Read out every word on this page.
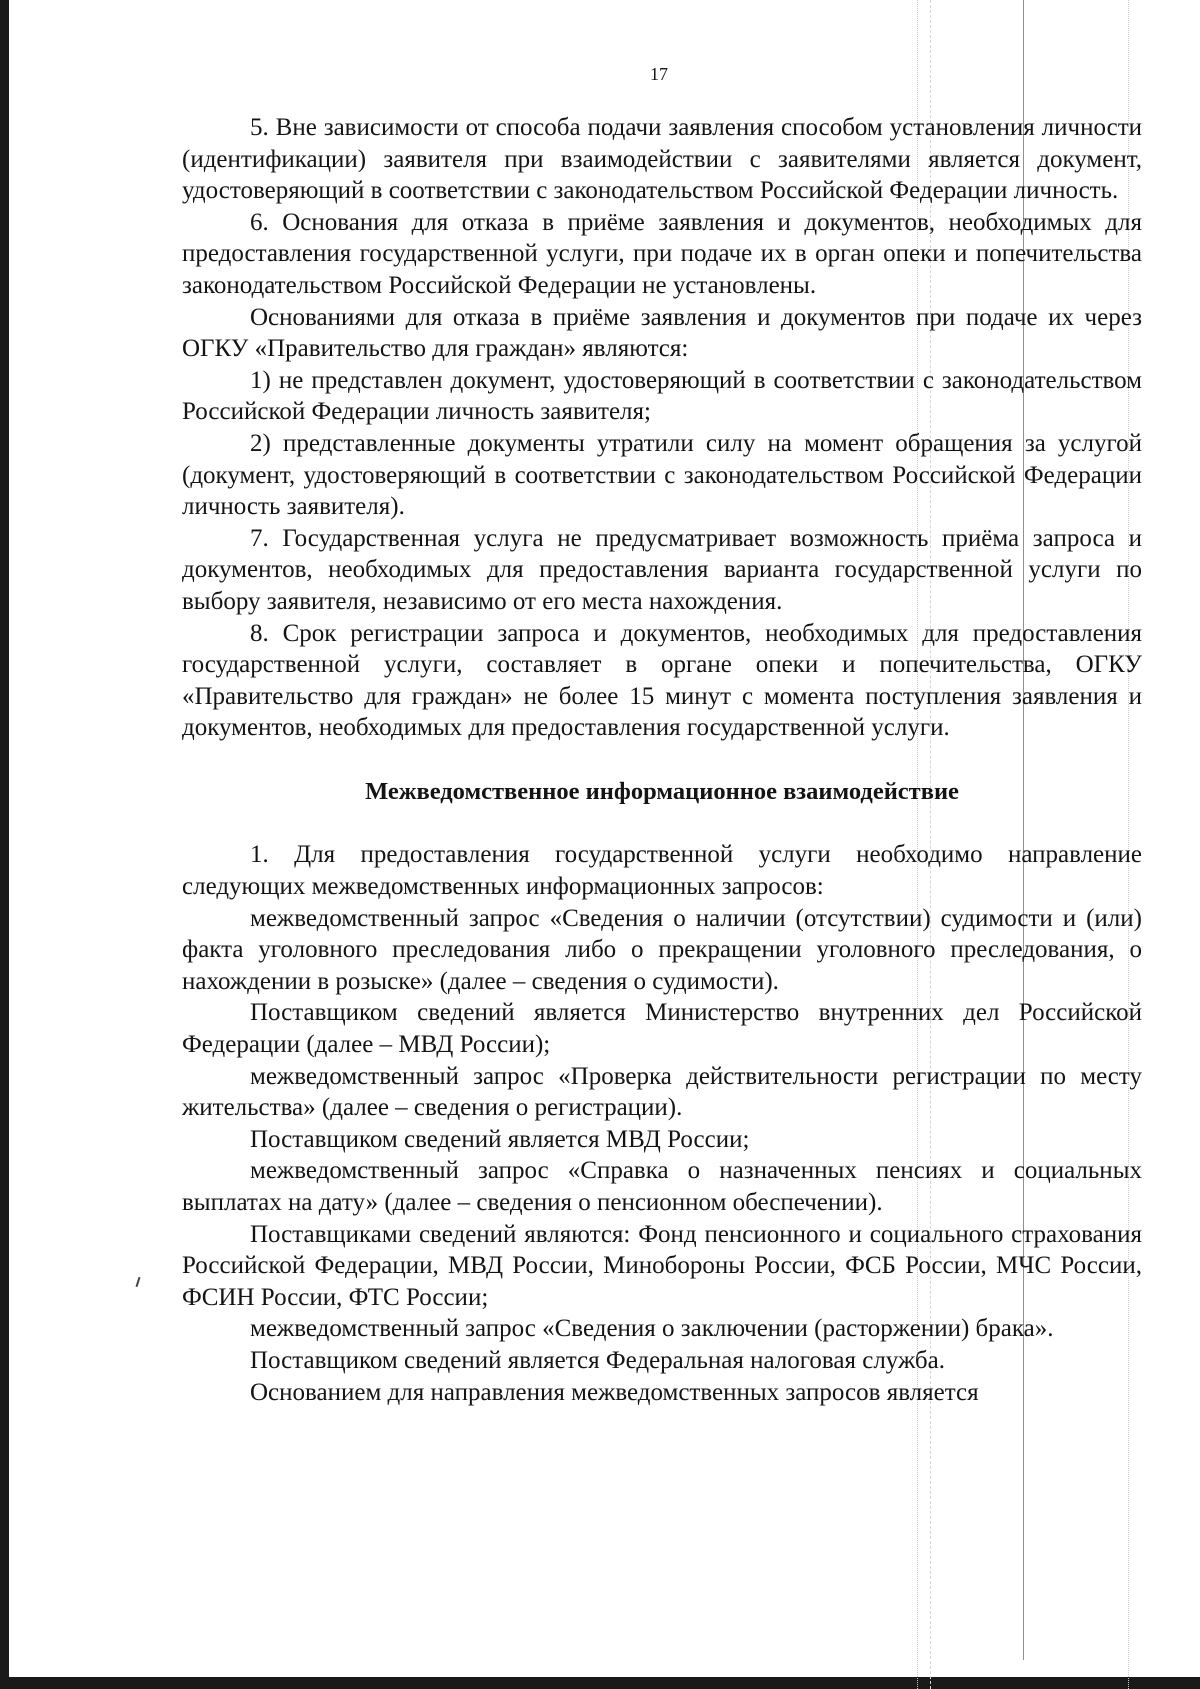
17

5. Вне зависимости от способа подачи заявления способом установления личности (идентификации) заявителя при взаимодействии с заявителями является документ, удостоверяющий в соответствии с законодательством Российской Федерации личность.

6. Основания для отказа в приёме заявления и документов, необходимых для предоставления государственной услуги, при подаче их в орган опеки и попечительства законодательством Российской Федерации не установлены.

Основаниями для отказа в приёме заявления и документов при подаче их через ОГКУ «Правительство для граждан» являются:

1) не представлен документ, удостоверяющий в соответствии с законодательством Российской Федерации личность заявителя;

2) представленные документы утратили силу на момент обращения за услугой (документ, удостоверяющий в соответствии с законодательством Российской Федерации личность заявителя).

7. Государственная услуга не предусматривает возможность приёма запроса и документов, необходимых для предоставления варианта государственной услуги по выбору заявителя, независимо от его места нахождения.

8. Срок регистрации запроса и документов, необходимых для предоставления государственной услуги, составляет в органе опеки и попечительства, ОГКУ «Правительство для граждан» не более 15 минут с момента поступления заявления и документов, необходимых для предоставления государственной услуги.

Межведомственное информационное взаимодействие

1. Для предоставления государственной услуги необходимо направление следующих межведомственных информационных запросов:

межведомственный запрос «Сведения о наличии (отсутствии) судимости и (или) факта уголовного преследования либо о прекращении уголовного преследования, о нахождении в розыске» (далее – сведения о судимости).

Поставщиком сведений является Министерство внутренних дел Российской Федерации (далее – МВД России);

межведомственный запрос «Проверка действительности регистрации по месту жительства» (далее – сведения о регистрации).

Поставщиком сведений является МВД России;

межведомственный запрос «Справка о назначенных пенсиях и социальных выплатах на дату» (далее – сведения о пенсионном обеспечении).

Поставщиками сведений являются: Фонд пенсионного и социального страхования Российской Федерации, МВД России, Минобороны России, ФСБ России, МЧС России, ФСИН России, ФТС России;

межведомственный запрос «Сведения о заключении (расторжении) брака».

Поставщиком сведений является Федеральная налоговая служба.

Основанием для направления межведомственных запросов является
